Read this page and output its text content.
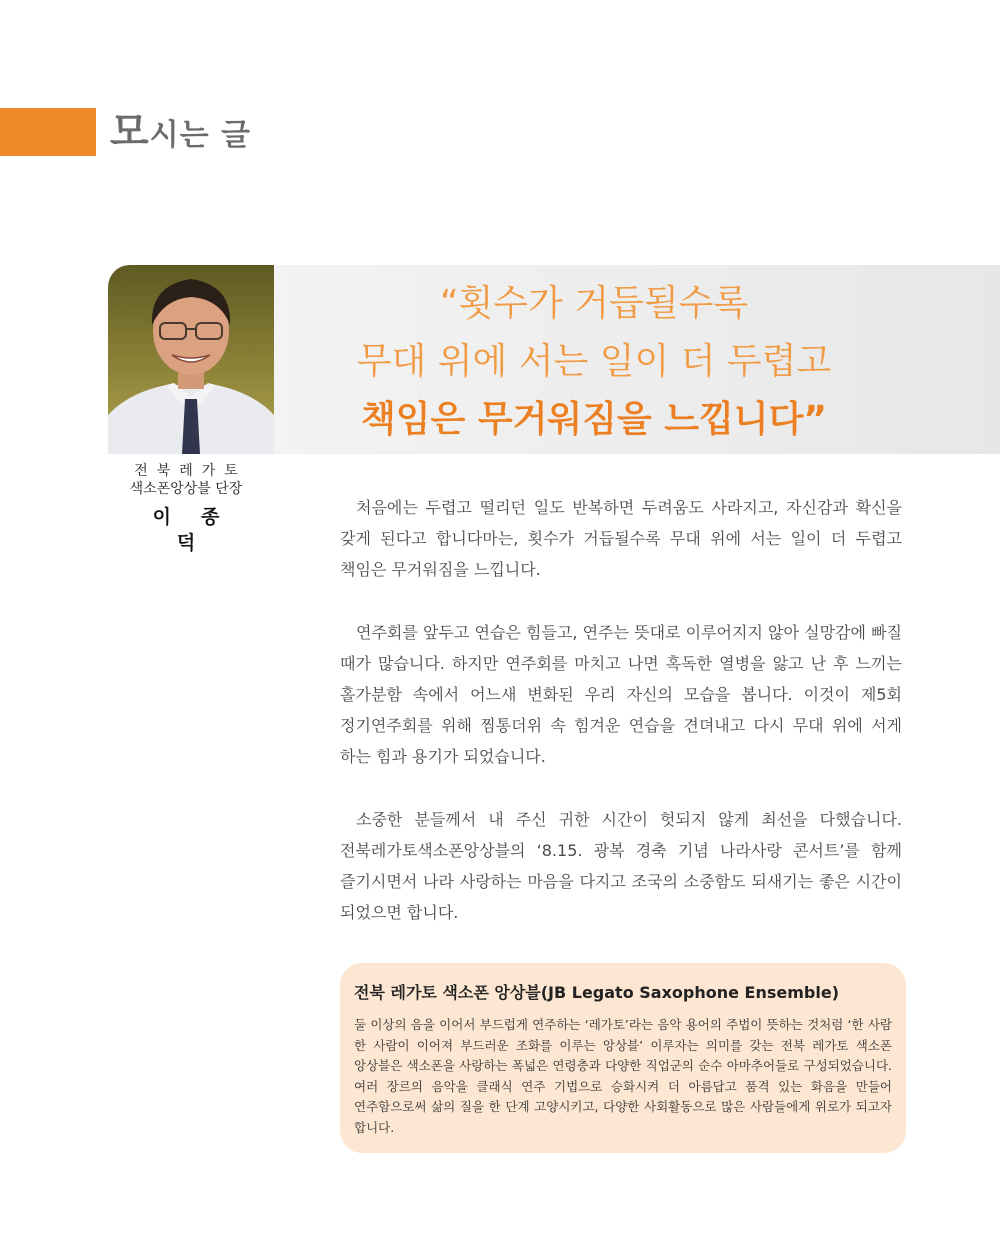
모시는 글
“횟수가 거듭될수록
무대 위에 서는 일이 더 두렵고
책임은 무거워짐을 느낍니다”
전북레가토
색소폰앙상블 단장
이종덕

처음에는 두렵고 떨리던 일도 반복하면 두려움도 사라지고, 자신감과 확신을 갖게 된다고 합니다마는, 횟수가 거듭될수록 무대 위에 서는 일이 더 두렵고 책임은 무거워짐을 느낍니다.

연주회를 앞두고 연습은 힘들고, 연주는 뜻대로 이루어지지 않아 실망감에 빠질 때가 많습니다. 하지만 연주회를 마치고 나면 혹독한 열병을 앓고 난 후 느끼는 홀가분함 속에서 어느새 변화된 우리 자신의 모습을 봅니다. 이것이 제5회 정기연주회를 위해 찜통더위 속 힘겨운 연습을 견뎌내고 다시 무대 위에 서게 하는 힘과 용기가 되었습니다.

소중한 분들께서 내 주신 귀한 시간이 헛되지 않게 최선을 다했습니다. 전북레가토색소폰앙상블의 ‘8.15. 광복 경축 기념 나라사랑 콘서트’를 함께 즐기시면서 나라 사랑하는 마음을 다지고 조국의 소중함도 되새기는 좋은 시간이 되었으면 합니다.

전북 레가토 색소폰 앙상블(JB Legato Saxophone Ensemble)

둘 이상의 음을 이어서 부드럽게 연주하는 ‘레가토’라는 음악 용어의 주법이 뜻하는 것처럼 ‘한 사람 한 사람이 이어져 부드러운 조화를 이루는 앙상블’ 이루자는 의미를 갖는 전북 레가토 색소폰 앙상블은 색소폰을 사랑하는 폭넓은 연령층과 다양한 직업군의 순수 아마추어들로 구성되었습니다. 여러 장르의 음악을 클래식 연주 기법으로 승화시켜 더 아름답고 품격 있는 화음을 만들어 연주함으로써 삶의 질을 한 단계 고양시키고, 다양한 사회활동으로 많은 사람들에게 위로가 되고자 합니다.
